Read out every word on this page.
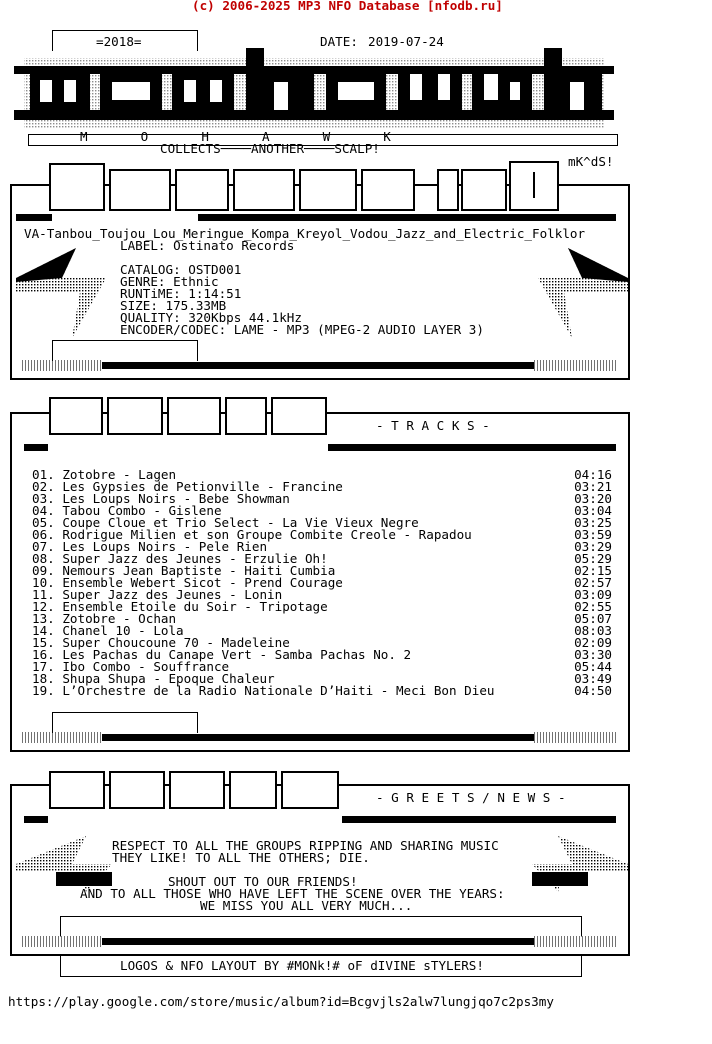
(c) 2006-2025 MP3 NFO Database [nfodb.ru]
=2018=	DATE: 2019-07-24
M       O       H       A       W       K
COLLECTS────ANOTHER────SCALP!
mK^dS!
VA-Tanbou_Toujou_Lou_Meringue_Kompa_Kreyol_Vodou_Jazz_and_Electric_Folklor
LABEL: Ostinato Records
CATALOG: OSTD001
GENRE: Ethnic
RUNTiME: 1:14:51
SIZE: 175.33MB
QUALITY: 320Kbps 44.1kHz
ENCODER/CODEC: LAME - MP3 (MPEG-2 AUDIO LAYER 3)
- T R A C K S -
01. Zotobre - Lagen	04:16
02. Les Gypsies de Petionville - Francine	03:21
03. Les Loups Noirs - Bebe Showman	03:20
04. Tabou Combo - Gislene	03:04
05. Coupe Cloue et Trio Select - La Vie Vieux Negre	03:25
06. Rodrigue Milien et son Groupe Combite Creole - Rapadou	03:59
07. Les Loups Noirs - Pele Rien	03:29
08. Super Jazz des Jeunes - Erzulie Oh!	05:29
09. Nemours Jean Baptiste - Haiti Cumbia	02:15
10. Ensemble Webert Sicot - Prend Courage	02:57
11. Super Jazz des Jeunes - Lonin	03:09
12. Ensemble Etoile du Soir - Tripotage	02:55
13. Zotobre - Ochan	05:07
14. Chanel 10 - Lola	08:03
15. Super Choucoune 70 - Madeleine	02:09
16. Les Pachas du Canape Vert - Samba Pachas No. 2	03:30
17. Ibo Combo - Souffrance	05:44
18. Shupa Shupa - Epoque Chaleur	03:49
19. L’Orchestre de la Radio Nationale D’Haiti - Meci Bon Dieu	04:50
- G R E E T S / N E W S -
RESPECT TO ALL THE GROUPS RIPPING AND SHARING MUSIC
THEY LIKE! TO ALL THE OTHERS; DIE.
SHOUT OUT TO OUR FRIENDS!
AND TO ALL THOSE WHO HAVE LEFT THE SCENE OVER THE YEARS:
WE MISS YOU ALL VERY MUCH...
LOGOS & NFO LAYOUT BY #MONk!# oF dIVINE sTYLERS!
https://play.google.com/store/music/album?id=Bcgvjls2alw7lungjqo7c2ps3my
